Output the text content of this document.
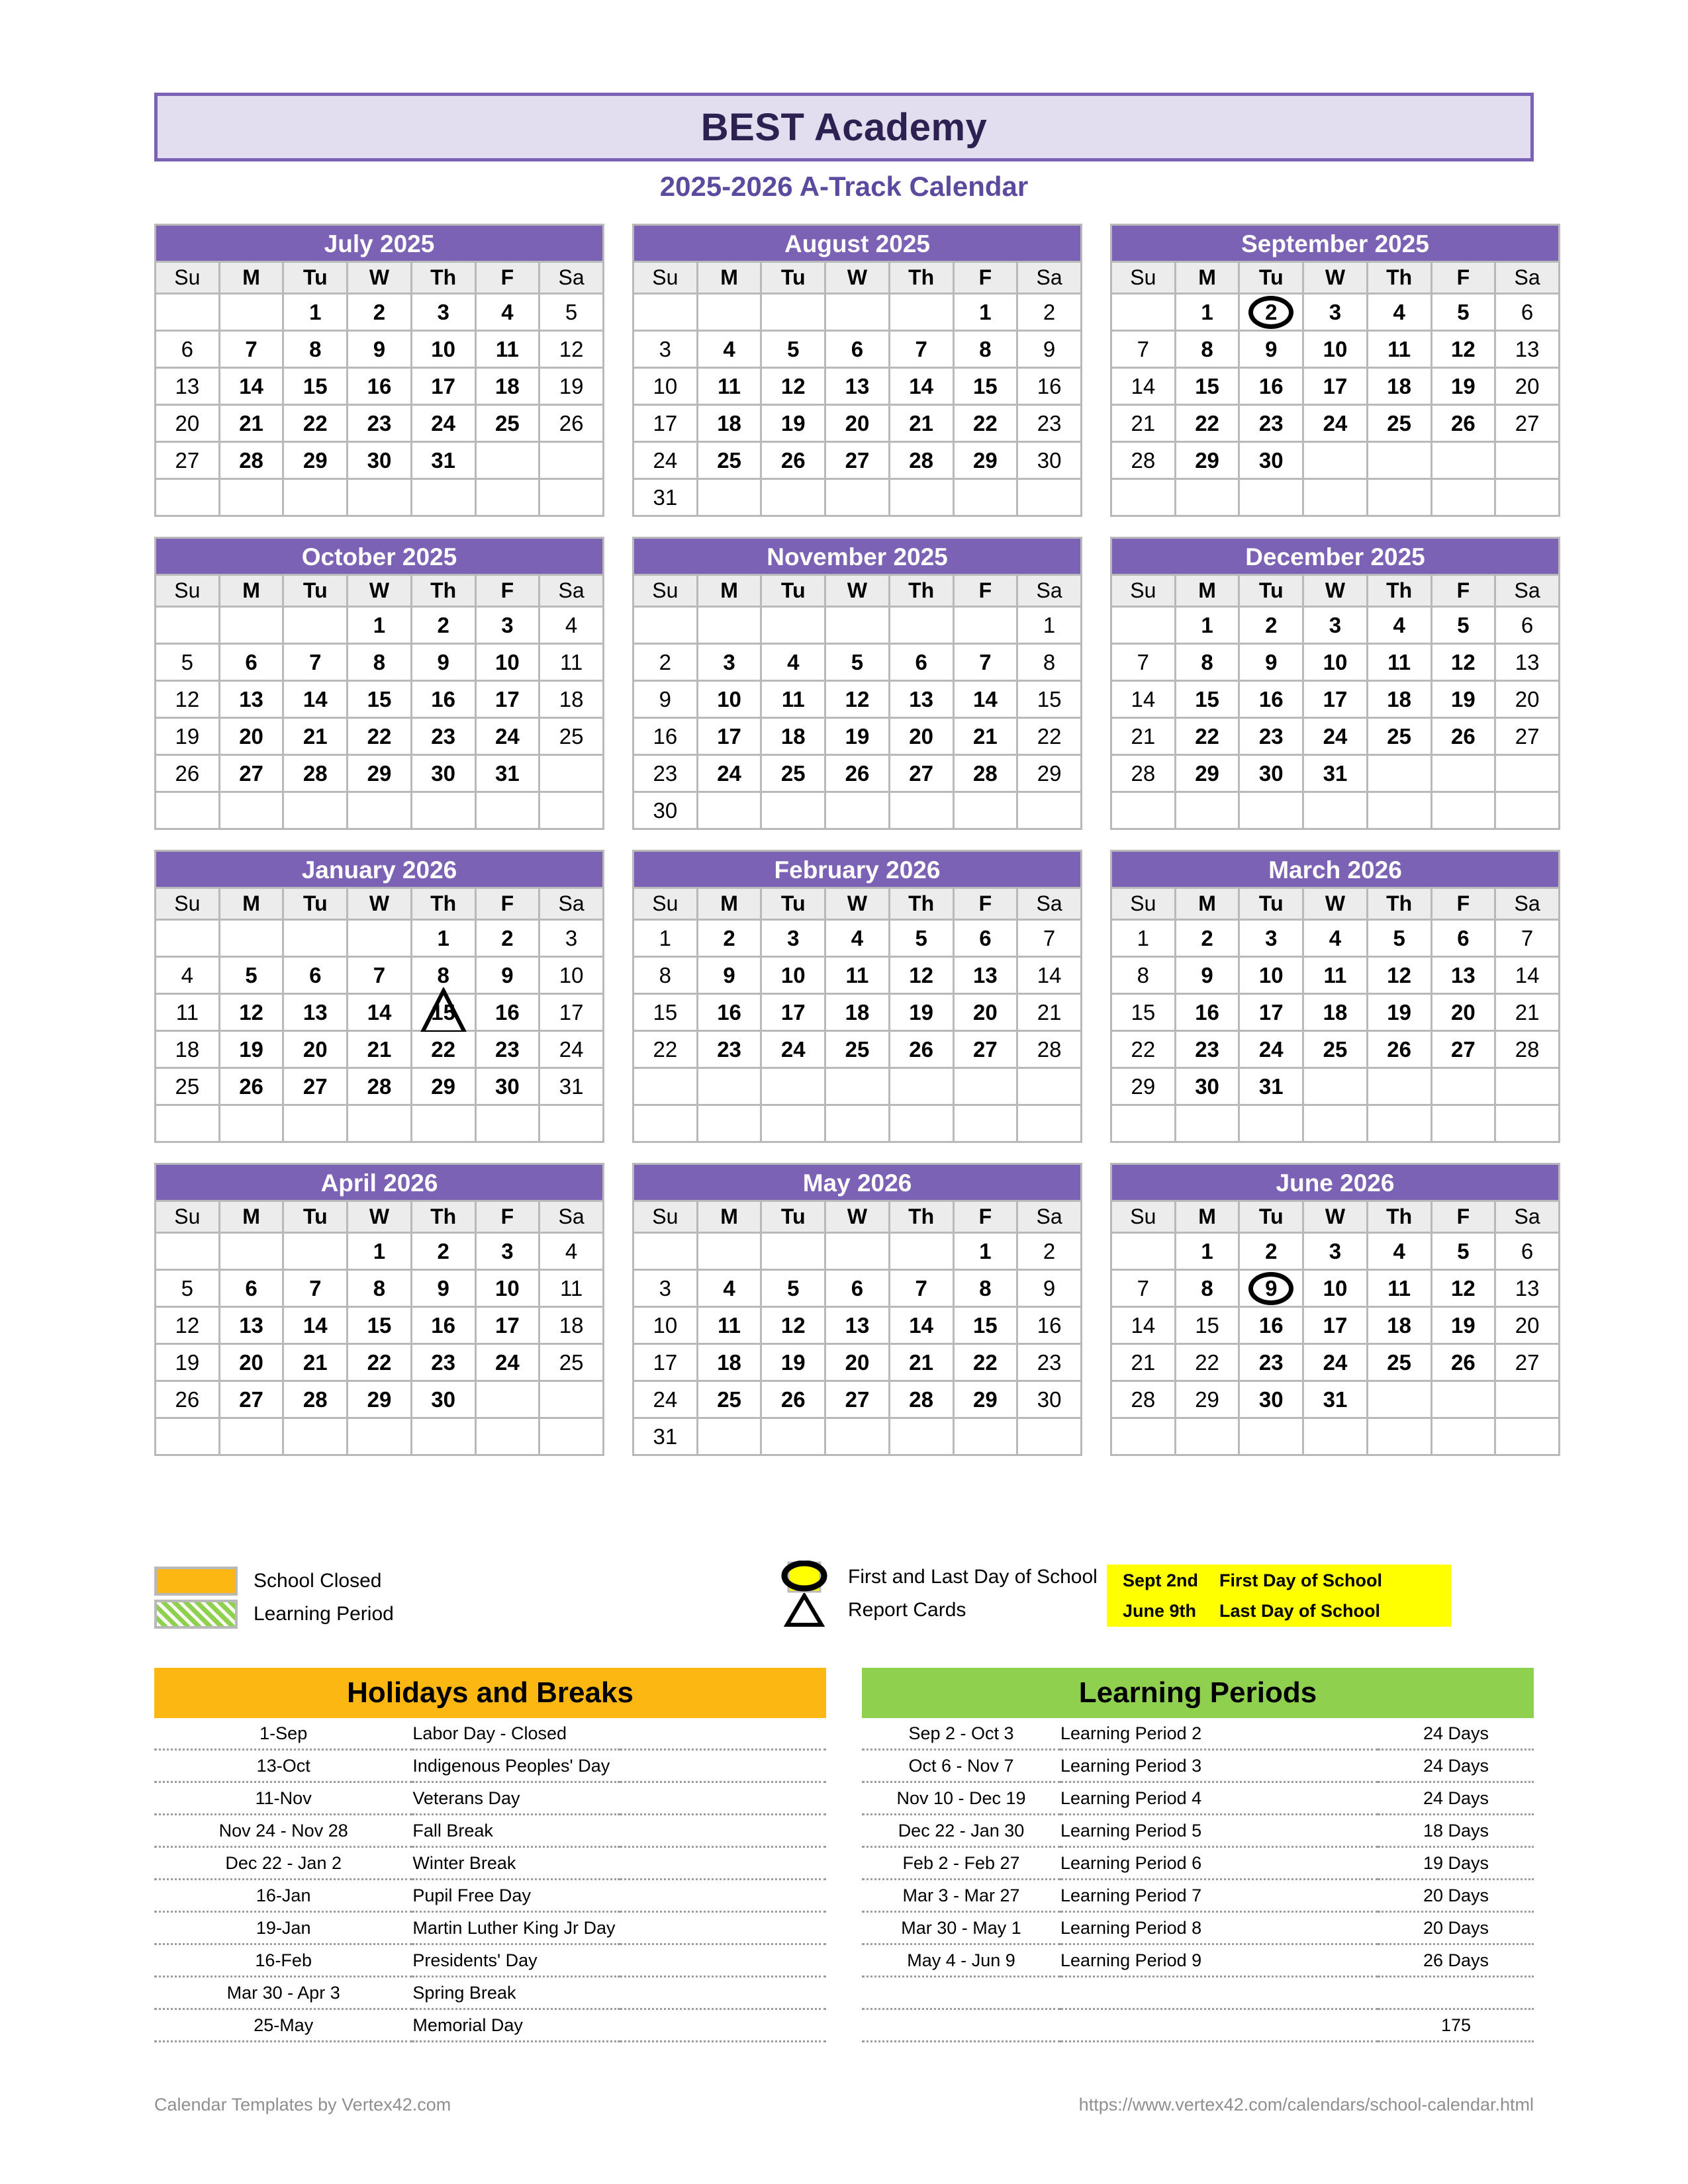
BEST Academy
2025-2026 A-Track Calendar
July 2025
Su	M	Tu	W	Th	F	Sa
		1	2	3	4	5
6	7	8	9	10	11	12
13	14	15	16	17	18	19
20	21	22	23	24	25	26
27	28	29	30	31		

August 2025
Su	M	Tu	W	Th	F	Sa
					1	2
3	4	5	6	7	8	9
10	11	12	13	14	15	16
17	18	19	20	21	22	23
24	25	26	27	28	29	30
31						
September 2025
Su	M	Tu	W	Th	F	Sa
	1	2	3	4	5	6
7	8	9	10	11	12	13
14	15	16	17	18	19	20
21	22	23	24	25	26	27
28	29	30				

October 2025
Su	M	Tu	W	Th	F	Sa
			1	2	3	4
5	6	7	8	9	10	11
12	13	14	15	16	17	18
19	20	21	22	23	24	25
26	27	28	29	30	31	

November 2025
Su	M	Tu	W	Th	F	Sa
						1
2	3	4	5	6	7	8
9	10	11	12	13	14	15
16	17	18	19	20	21	22
23	24	25	26	27	28	29
30						
December 2025
Su	M	Tu	W	Th	F	Sa
	1	2	3	4	5	6
7	8	9	10	11	12	13
14	15	16	17	18	19	20
21	22	23	24	25	26	27
28	29	30	31			

January 2026
Su	M	Tu	W	Th	F	Sa
				1	2	3
4	5	6	7	8	9	10
11	12	13	14	15	16	17
18	19	20	21	22	23	24
25	26	27	28	29	30	31

February 2026
Su	M	Tu	W	Th	F	Sa
1	2	3	4	5	6	7
8	9	10	11	12	13	14
15	16	17	18	19	20	21
22	23	24	25	26	27	28

March 2026
Su	M	Tu	W	Th	F	Sa
1	2	3	4	5	6	7
8	9	10	11	12	13	14
15	16	17	18	19	20	21
22	23	24	25	26	27	28
29	30	31				

April 2026
Su	M	Tu	W	Th	F	Sa
			1	2	3	4
5	6	7	8	9	10	11
12	13	14	15	16	17	18
19	20	21	22	23	24	25
26	27	28	29	30		

May 2026
Su	M	Tu	W	Th	F	Sa
					1	2
3	4	5	6	7	8	9
10	11	12	13	14	15	16
17	18	19	20	21	22	23
24	25	26	27	28	29	30
31						
June 2026
Su	M	Tu	W	Th	F	Sa
	1	2	3	4	5	6
7	8	9	10	11	12	13
14	15	16	17	18	19	20
21	22	23	24	25	26	27
28	29	30	31			

School Closed
Learning Period
First and Last Day of School
Report Cards
Sept 2nd	First Day of School
June 9th	Last Day of School
Holidays and Breaks
1-Sep	Labor Day - Closed
13-Oct	Indigenous Peoples' Day
11-Nov	Veterans Day
Nov 24 - Nov 28	Fall Break
Dec 22 - Jan 2	Winter Break
16-Jan	Pupil Free Day
19-Jan	Martin Luther King Jr Day
16-Feb	Presidents' Day
Mar 30 - Apr 3	Spring Break
25-May	Memorial Day
Learning Periods
Sep 2 - Oct 3	Learning Period 2	24 Days
Oct 6 - Nov 7	Learning Period 3	24 Days
Nov 10 - Dec 19	Learning Period 4	24 Days
Dec 22 - Jan 30	Learning Period 5	18 Days
Feb 2 - Feb 27	Learning Period 6	19 Days
Mar 3 - Mar 27	Learning Period 7	20 Days
Mar 30 - May 1	Learning Period 8	20 Days
May 4 - Jun 9	Learning Period 9	26 Days

		175
Calendar Templates by Vertex42.com	https://www.vertex42.com/calendars/school-calendar.html
